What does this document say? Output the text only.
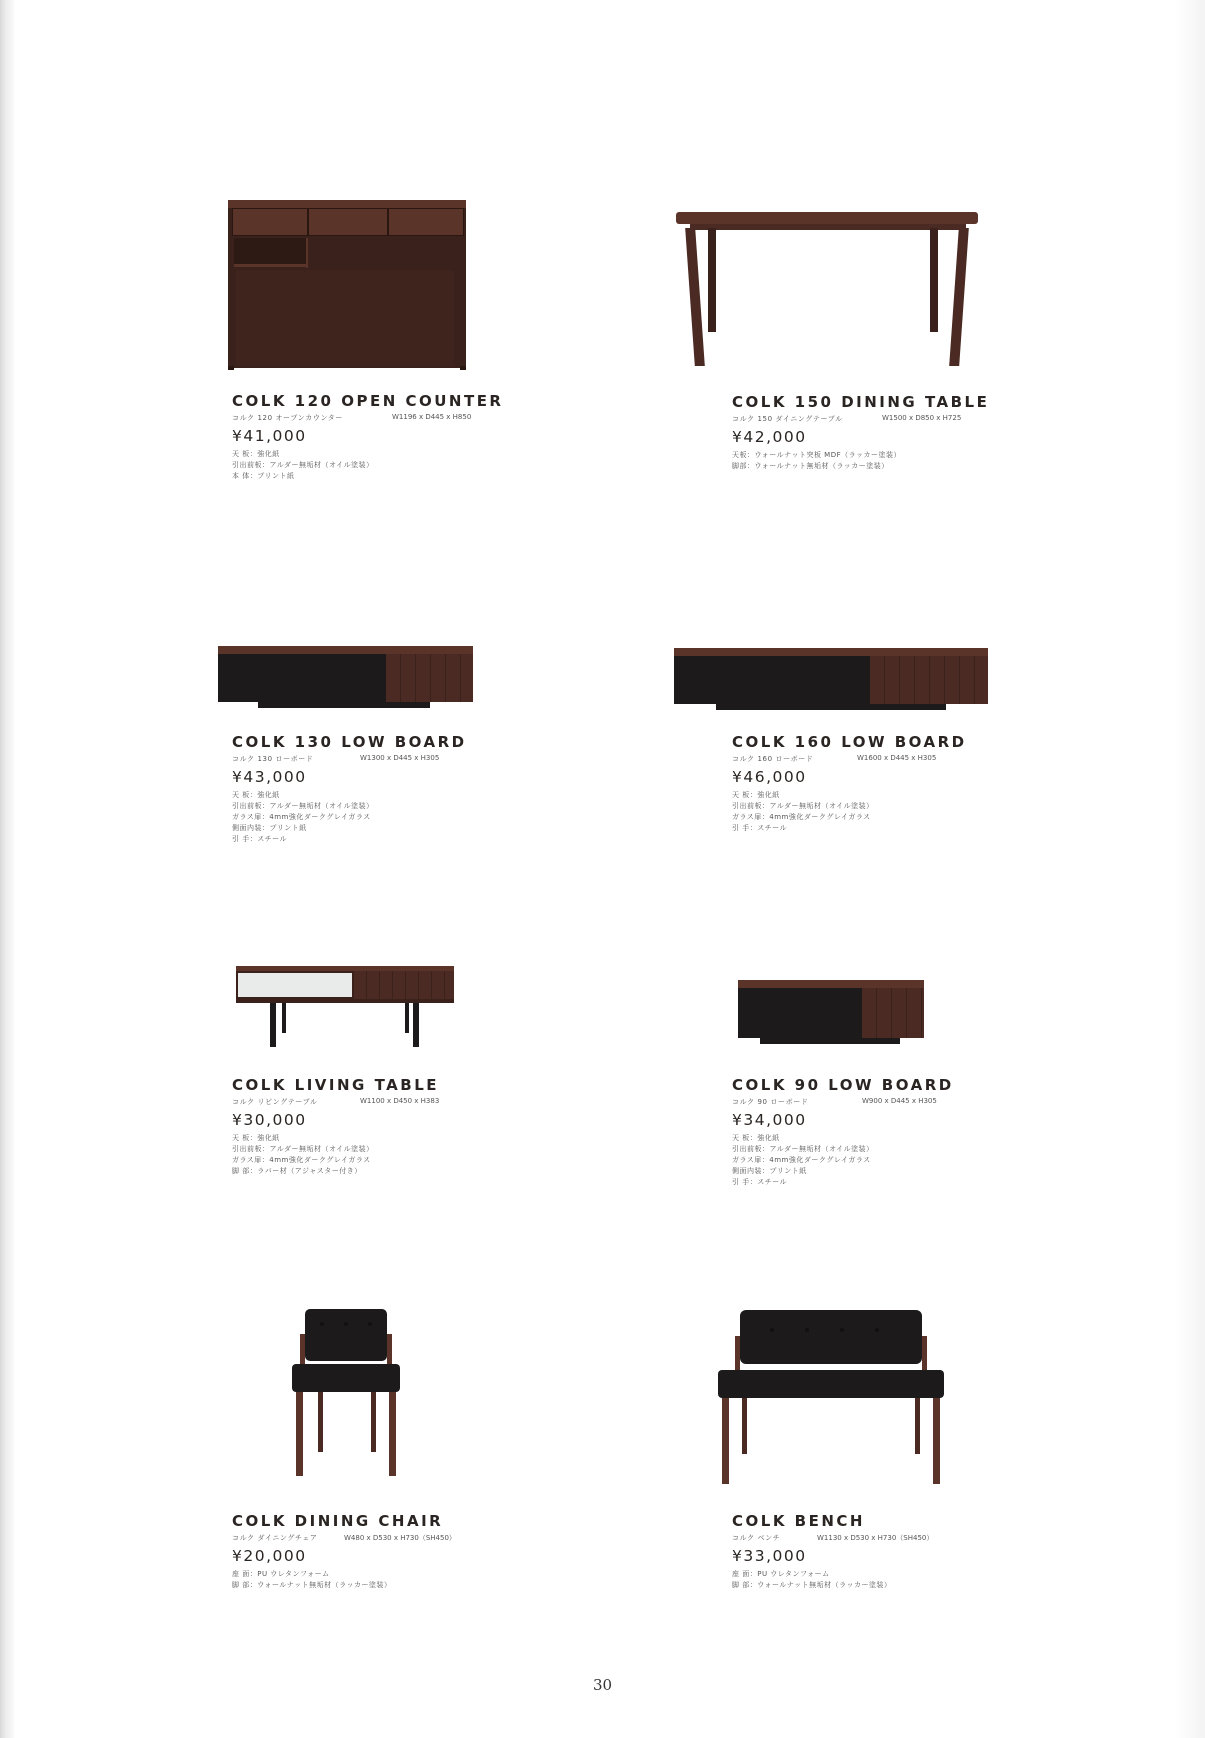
COLK 120 OPEN COUNTER
コルク 120 オープンカウンター	W1196 x D445 x H850
¥41,000
天 板：強化紙
引出前板：アルダー無垢材（オイル塗装）
本 体：プリント紙
COLK 150 DINING TABLE
コルク 150 ダイニングテーブル	W1500 x D850 x H725
¥42,000
天板：ウォールナット突板 MDF（ラッカー塗装）
脚部：ウォールナット無垢材（ラッカー塗装）
COLK 130 LOW BOARD
コルク 130 ローボード	W1300 x D445 x H305
¥43,000
天 板：強化紙
引出前板：アルダー無垢材（オイル塗装）
ガラス扉：4mm強化ダークグレイガラス
側面内装：プリント紙
引 手：スチール
COLK 160 LOW BOARD
コルク 160 ローボード	W1600 x D445 x H305
¥46,000
天 板：強化紙
引出前板：アルダー無垢材（オイル塗装）
ガラス扉：4mm強化ダークグレイガラス
引 手：スチール
COLK LIVING TABLE
コルク リビングテーブル	W1100 x D450 x H383
¥30,000
天 板：強化紙
引出前板：アルダー無垢材（オイル塗装）
ガラス扉：4mm強化ダークグレイガラス
脚 部：ラバー材（アジャスター付き）
COLK 90 LOW BOARD
コルク 90 ローボード	W900 x D445 x H305
¥34,000
天 板：強化紙
引出前板：アルダー無垢材（オイル塗装）
ガラス扉：4mm強化ダークグレイガラス
側面内装：プリント紙
引 手：スチール
COLK DINING CHAIR
コルク ダイニングチェア	W480 x D530 x H730（SH450）
¥20,000
座 面：PU ウレタンフォーム
脚 部：ウォールナット無垢材（ラッカー塗装）
COLK BENCH
コルク ベンチ	W1130 x D530 x H730（SH450）
¥33,000
座 面：PU ウレタンフォーム
脚 部：ウォールナット無垢材（ラッカー塗装）
30
